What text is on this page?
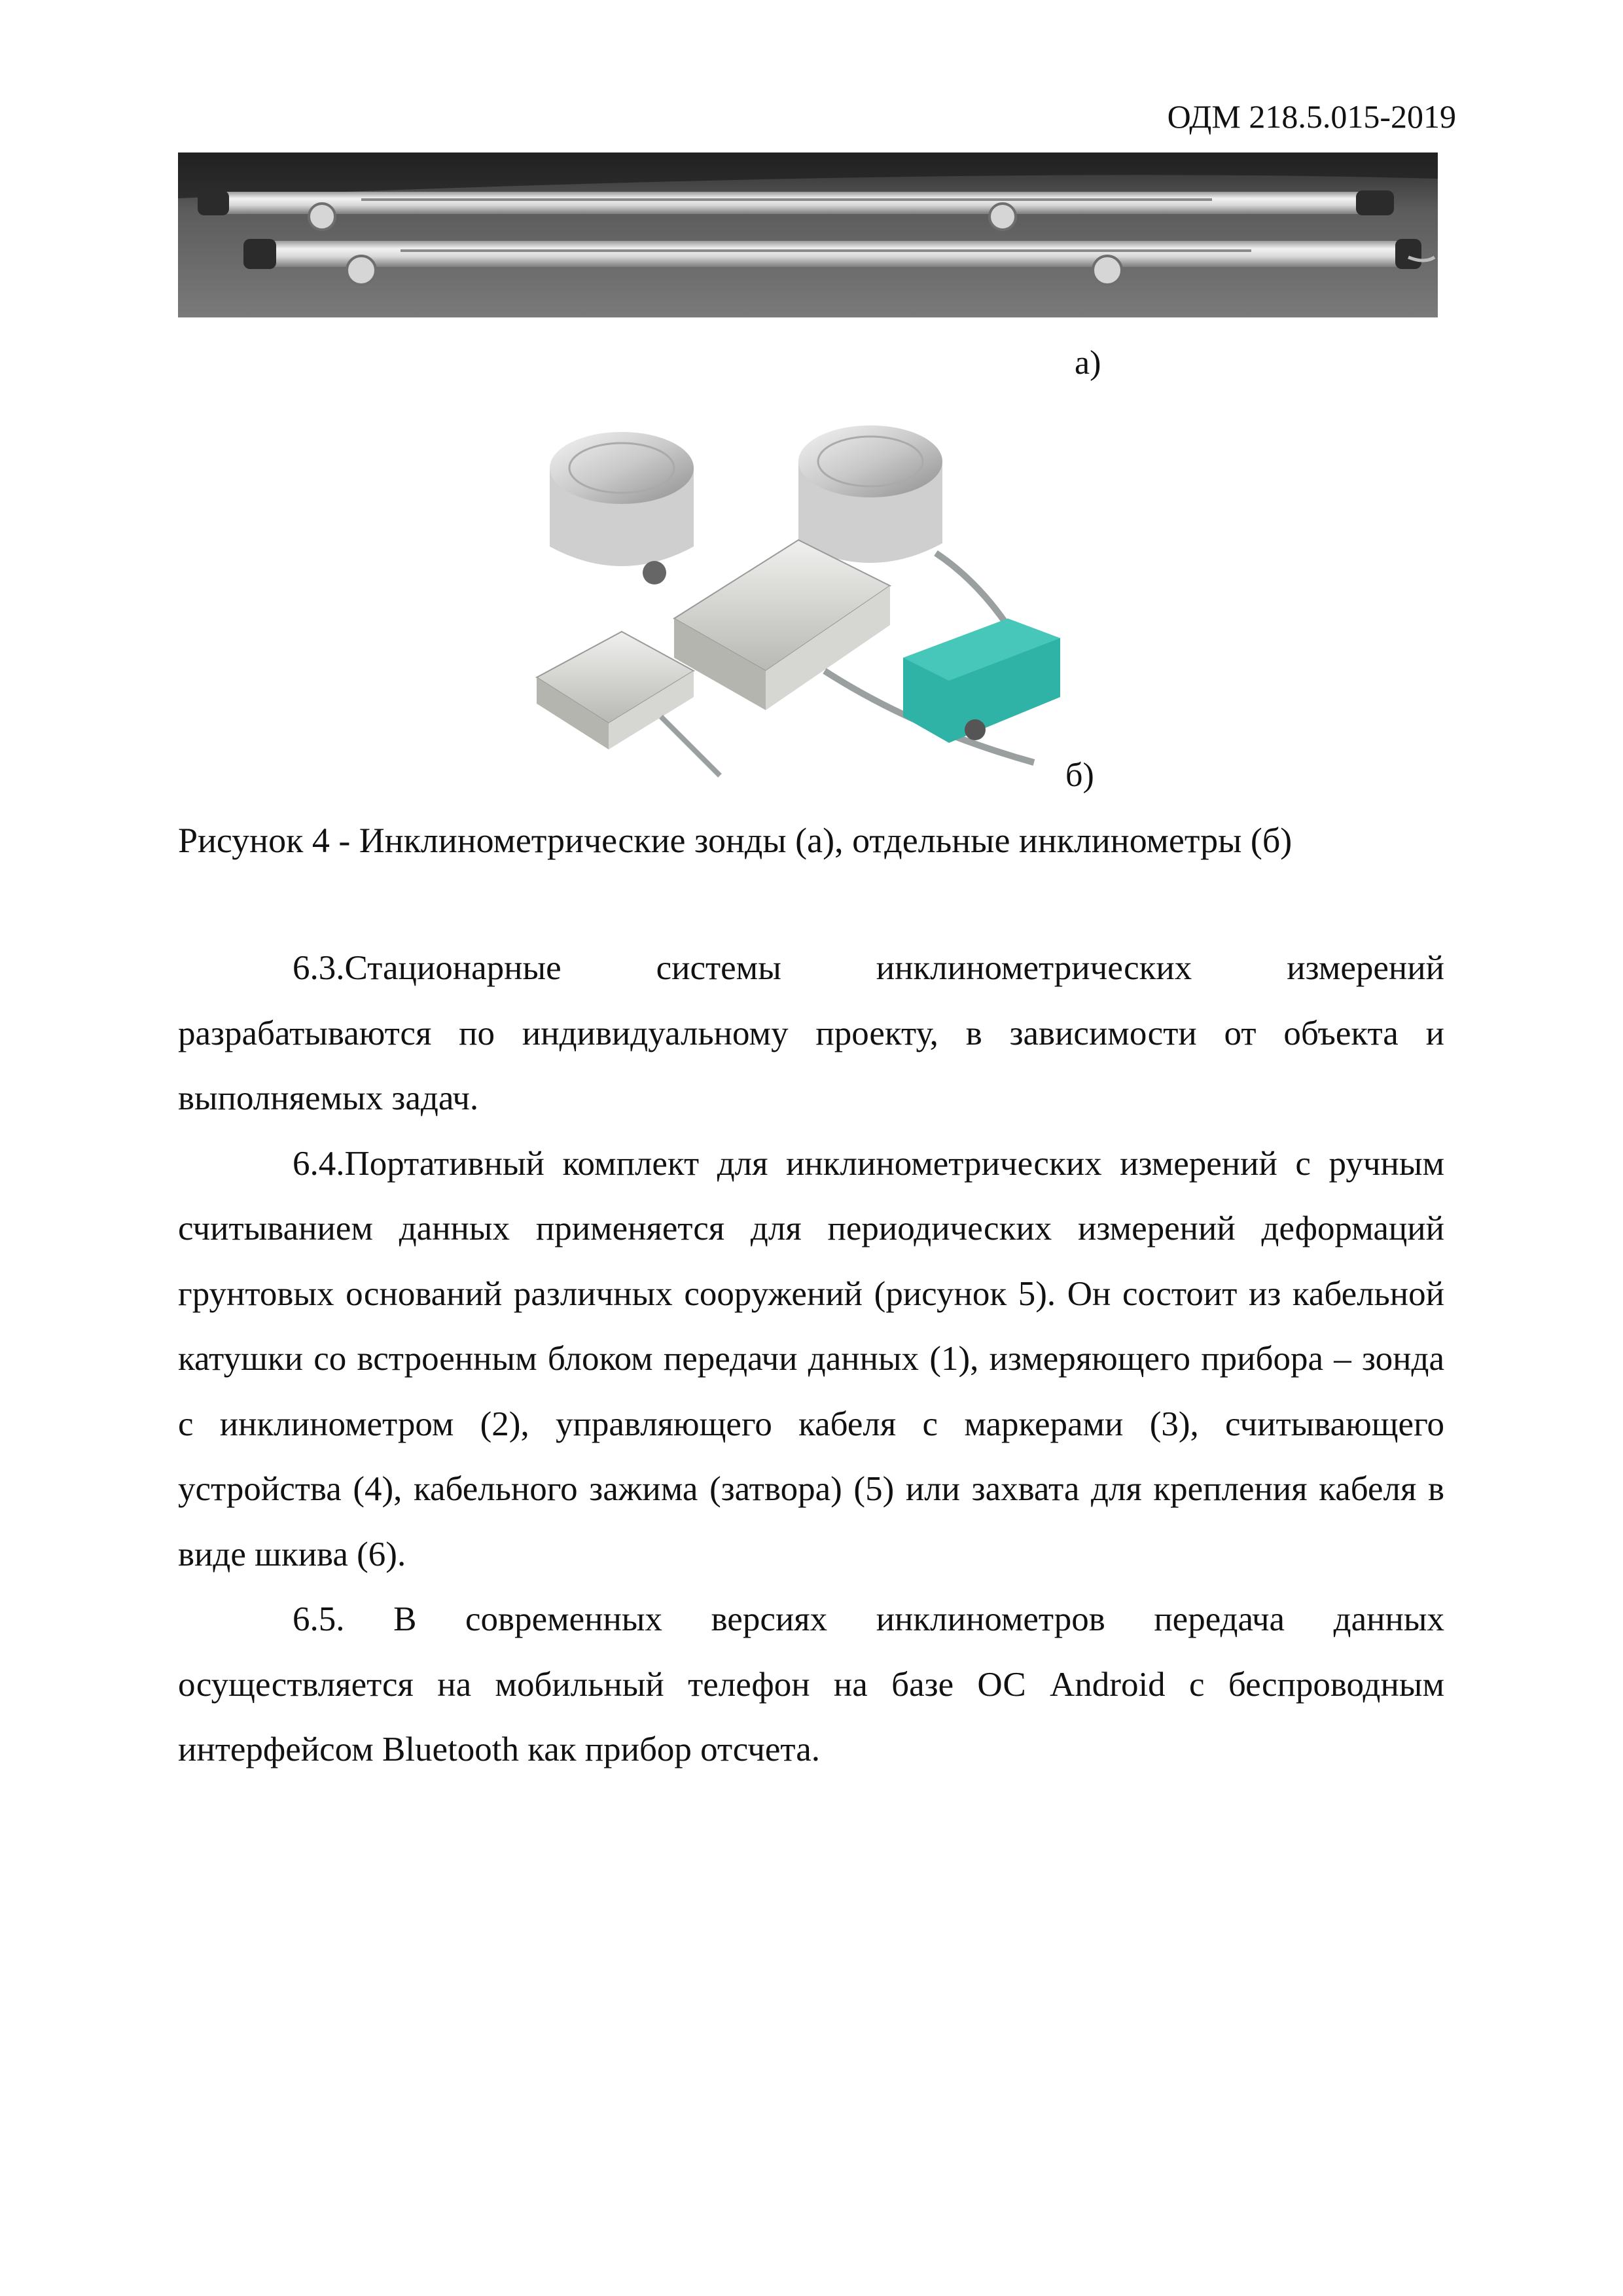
ОДМ 218.5.015-2019
а)
б)
Рисунок 4 - Инклинометрические зонды (а), отдельные инклинометры (б)

6.3.Стационарные системы инклинометрических измерений разрабатываются по индивидуальному проекту, в зависимости от объекта и выполняемых задач.

6.4.Портативный комплект для инклинометрических измерений с ручным считыванием данных применяется для периодических измерений деформаций грунтовых оснований различных сооружений (рисунок 5). Он состоит из кабельной катушки со встроенным блоком передачи данных (1), измеряющего прибора – зонда с инклинометром (2), управляющего кабеля с маркерами (3), считывающего устройства (4), кабельного зажима (затвора) (5) или захвата для крепления кабеля в виде шкива (6).

6.5. В современных версиях инклинометров передача данных осуществляется на мобильный телефон на базе ОС Android с беспроводным интерфейсом Bluetooth как прибор отсчета.
